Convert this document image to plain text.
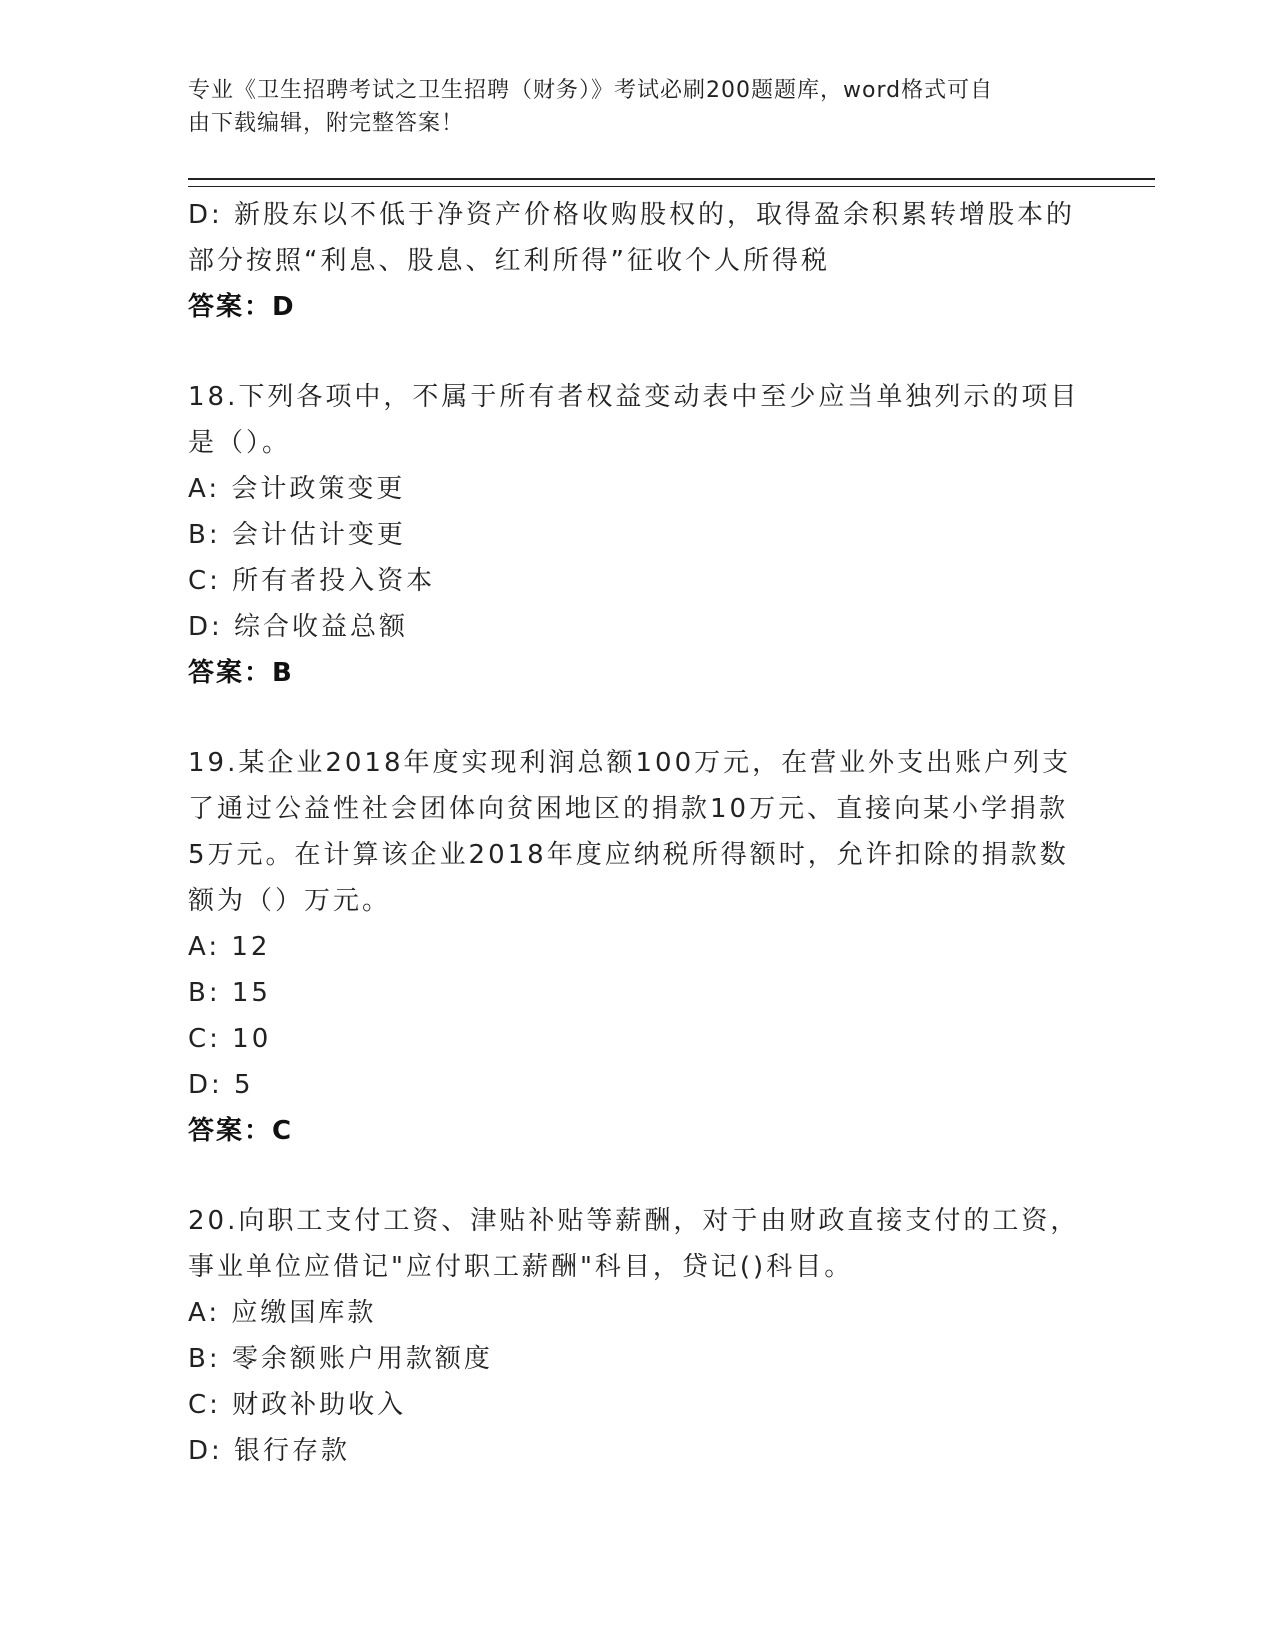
专业《卫生招聘考试之卫生招聘（财务）》考试必刷200题题库，word格式可自
由下载编辑，附完整答案！
D: 新股东以不低于净资产价格收购股权的，取得盈余积累转增股本的
部分按照“利息、股息、红利所得”征收个人所得税
答案：D
18.下列各项中，不属于所有者权益变动表中至少应当单独列示的项目
是（）。
A: 会计政策变更
B: 会计估计变更
C: 所有者投入资本
D: 综合收益总额
答案：B
19.某企业2018年度实现利润总额100万元，在营业外支出账户列支
了通过公益性社会团体向贫困地区的捐款10万元、直接向某小学捐款
5万元。在计算该企业2018年度应纳税所得额时，允许扣除的捐款数
额为（）万元。
A: 12
B: 15
C: 10
D: 5
答案：C
20.向职工支付工资、津贴补贴等薪酬，对于由财政直接支付的工资，
事业单位应借记"应付职工薪酬"科目，贷记()科目。
A: 应缴国库款
B: 零余额账户用款额度
C: 财政补助收入
D: 银行存款
